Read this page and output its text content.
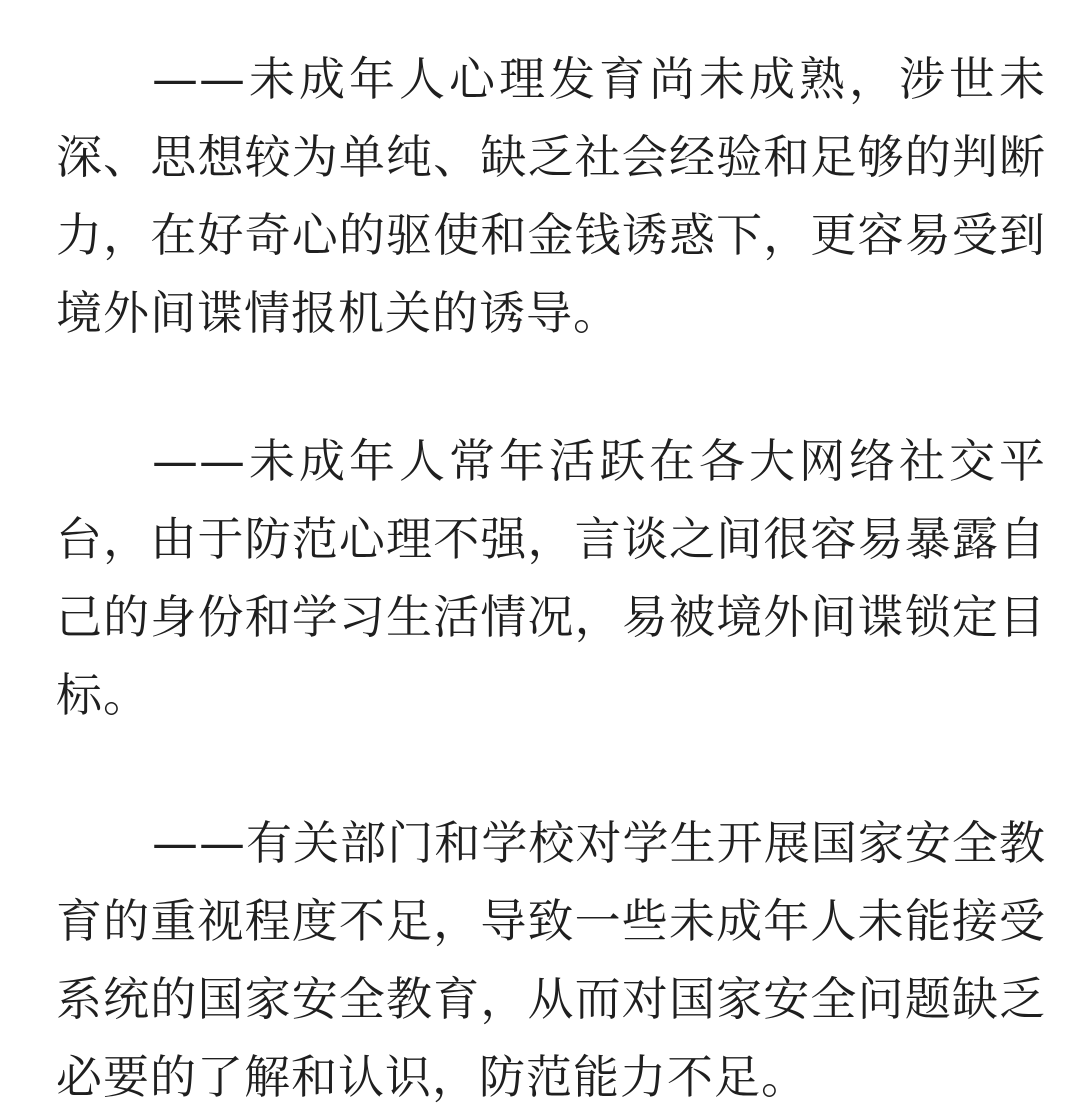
——未成年人心理发育尚未成熟，涉世未深、思想较为单纯、缺乏社会经验和足够的判断力，在好奇心的驱使和金钱诱惑下，更容易受到境外间谍情报机关的诱导。

——未成年人常年活跃在各大网络社交平台，由于防范心理不强，言谈之间很容易暴露自己的身份和学习生活情况，易被境外间谍锁定目标。

——有关部门和学校对学生开展国家安全教育的重视程度不足，导致一些未成年人未能接受系统的国家安全教育，从而对国家安全问题缺乏必要的了解和认识，防范能力不足。
